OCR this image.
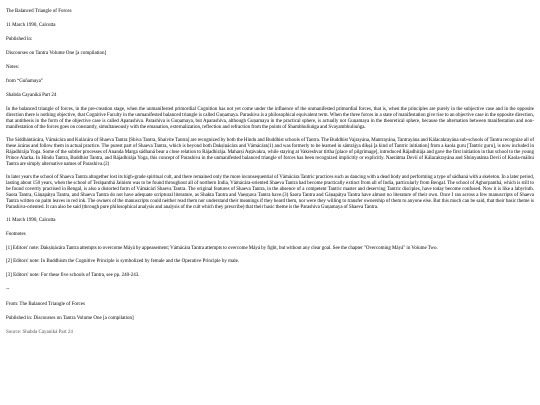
The Balanced Triangle of Forces

11 March 1990, Calcutta

Published in:

Discourses on Tantra Volume One [a compilation]

Notes:

from “Guñamaya”

Shabda Cayaniká Part 24

In the balanced triangle of forces, in the pre-creation stage, when the unmanifested primordial Cognition has not yet come under the influence of the unmanifested primordial forces, that is, when the principles are purely in the subjective case and in the opposite direction there is nothing objective, that Cognitive Faculty in the unmanifested balanced triangle is called Guṇamaya. Parashiva is a philosophical equivalent term. When the three forces in a state of manifestation give rise to an objective case in the opposite direction, that antithesis in the form of the objective case is called Aparashiva. Parashiva is Guṇamaya, but Aparashiva, although Guṇamaya in the practical sphere, is actually not Guṇamaya in the theoretical sphere, because the alternation between manifestation and non-manifestation of the forces goes on constantly, simultaneously with the emanation, externalization, reflection and refraction from the points of Shambhuliuṅga and Svayambhuliuṅga.

The Siddhántácára, Vámácára and Kulácára of Shaeva Tantra [Shiva Tantra, Shaivite Tantra] are recognized by both the Hindu and Buddhist schools of Tantra. The Buddhist Vajrayána, Mantrayána, Tantrayána and Kálacakrayána sub-schools of Tantra recognize all of these ácáras and follow them in actual practice. The purest part of Shaeva Tantra, which is beyond both Dakṣiṇácára and Vámácára(1) and was formerly to be learned in sámrájya díkṣá [a kind of Tantric initiation] from a kaola guru [Tantric guru], is now included in Rájadhirája Yoga. Some of the subtler processes of Ananda Marga sádhaná bear a close relation to Rájadhirája. Maharṣi Aṣṭávakra, while staying at Vakreshvar tírtha [place of pilgrimage], introduced Rájadhirája and gave the first initiation in that school to the young Prince Alarka. In Hindu Tantra, Buddhist Tantra, and Rájadhirája Yoga, this concept of Parashiva in the unmanifested balanced triangle of forces has been recognized implicitly or explicitly. Naerátma Devií of Kálacakrayána and Shúnyatáma Devií of Kaola-málini Tantra are simply alternative names of Parashiva.(2)

In later years the school of Shaeva Tantra altogether lost its high-grade spiritual cult, and there remained only the more inconsequential of Vámácára Tantric practices such as dancing with a dead body and performing a type of sádhaná with a skeleton. In a later period, lasting about 150 years, when the school of Terápanthá Jainism was to be found throughout all of northern India, Vámácára-oriented Shaeva Tantra had become practically extinct from all of India, particularly from Bengal. The school of Aghorpanthá, which is still to be found covertly practised in Bengal, is also a distorted form of Vámácárí Shaeva Tantra. The original features of Shaeva Tantra, in the absence of a competent Tantric master and deserving Tantric disciples, have today become confused. Now it is like a labyrinth. Saora Tantra, Gáṇapátya Tantra, and Shaeva Tantra do not have adequate scriptural literature, as Shakta Tantra and Vaeṣṇava Tantra have.(3) Saora Tantra and Gáṇapátya Tantra have almost no literature of their own. Once I ran across a few manuscripts of Shaeva Tantra written on palm leaves in red ink. The owners of the manuscripts could neither read them nor understand their meanings if they heard them, nor were they willing to transfer ownership of them to anyone else. But this much can be said, that their basic theme is Parashiva-oriented. It can also be said (through pure philosophical analysis and analysis of the cult which they prescribe) that their basic theme is the Parashiva Guṇamaya of Shaeva Tantra.

11 March 1990, Calcutta

Footnotes

[1] Editors' note: Dakṣiṇácára Tantra attempts to overcome Máyá by appeasement; Vámácára Tantra attempts to overcome Máyá by fight, but without any clear goal. See the chapter "Overcoming Máyá" in Volume Two.

[2] Editors' note: In Buddhism the Cognitive Principle is symbolized by female and the Operative Principle by male.

[3] Editors' note: For these five schools of Tantra, see pp. 240-243.

--

From: The Balanced Triangle of Forces

Published in: Discourses on Tantra Volume One [a compilation]

Source: Shabda Cayaniká Part 24
